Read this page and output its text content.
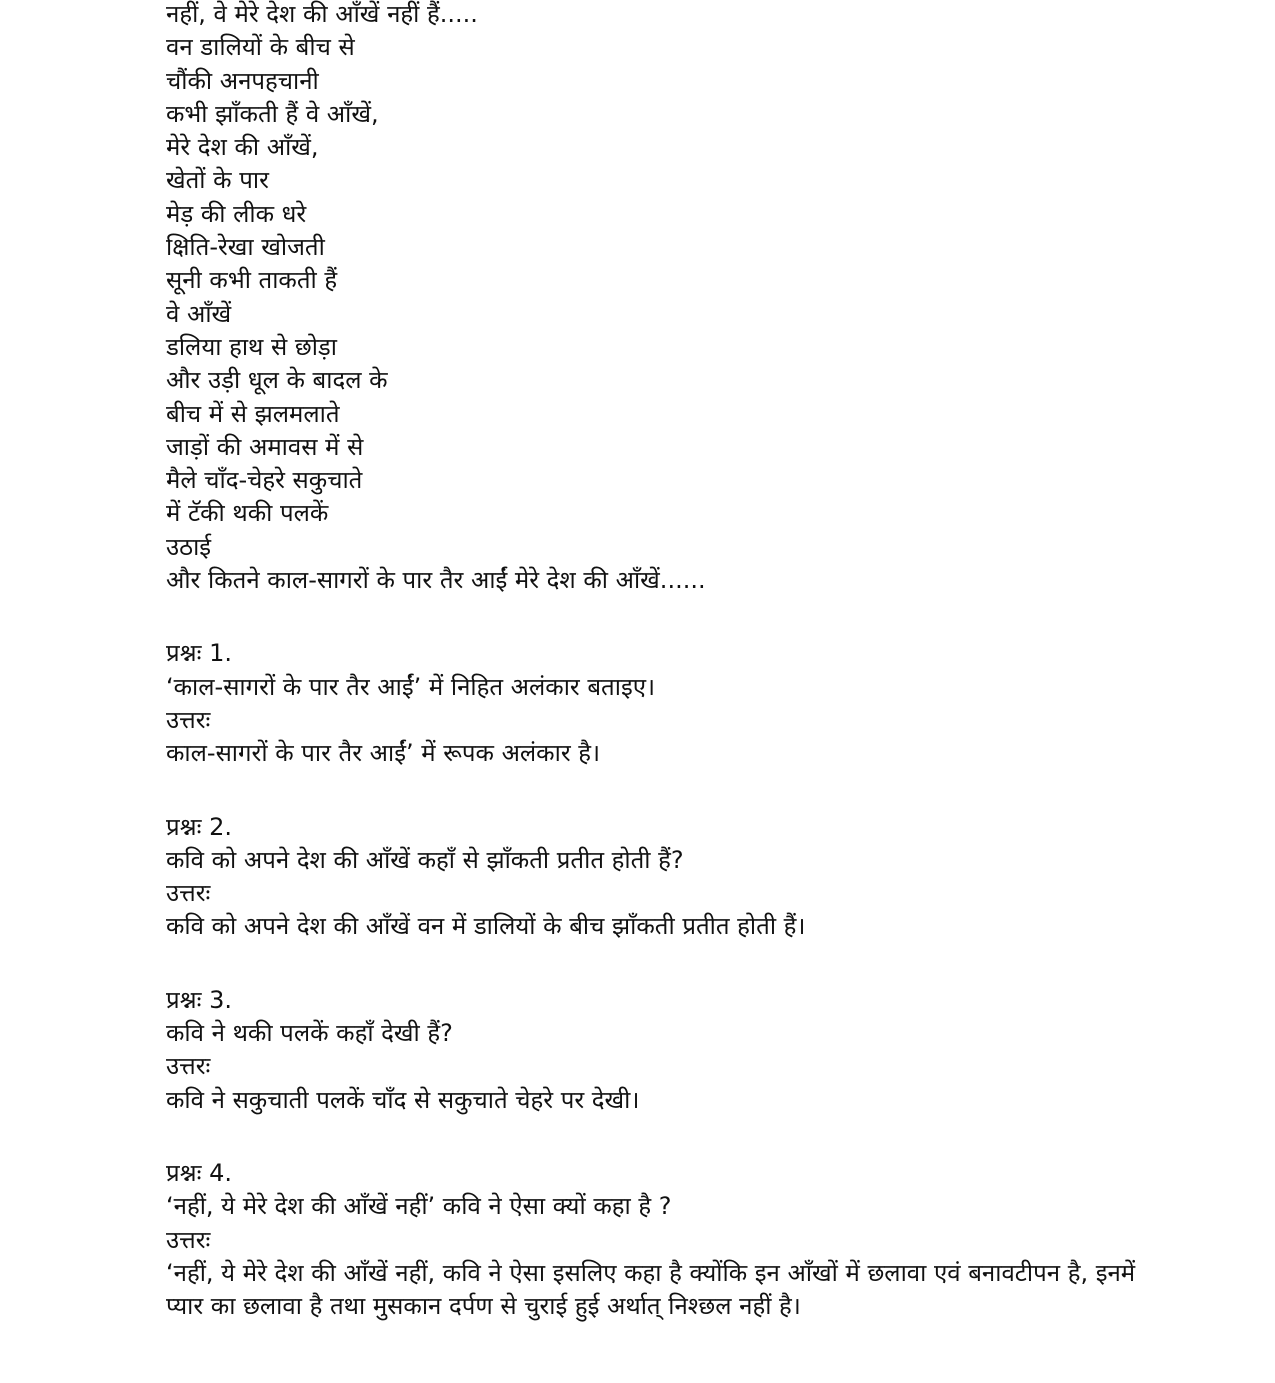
नहीं, वे मेरे देश की आँखें नहीं हैं.....
वन डालियों के बीच से
चौंकी अनपहचानी
कभी झाँकती हैं वे आँखें,
मेरे देश की आँखें,
खेतों के पार
मेड़ की लीक धरे
क्षिति-रेखा खोजती
सूनी कभी ताकती हैं
वे आँखें
डलिया हाथ से छोड़ा
और उड़ी धूल के बादल के
बीच में से झलमलाते
जाड़ों की अमावस में से
मैले चाँद-चेहरे सकुचाते
में टॅकी थकी पलकें
उठाई
और कितने काल-सागरों के पार तैर आईं मेरे देश की आँखें......
प्रश्नः 1.
‘काल-सागरों के पार तैर आईं’ में निहित अलंकार बताइए।
उत्तरः
काल-सागरों के पार तैर आईं’ में रूपक अलंकार है।
प्रश्नः 2.
कवि को अपने देश की आँखें कहाँ से झाँकती प्रतीत होती हैं?
उत्तरः
कवि को अपने देश की आँखें वन में डालियों के बीच झाँकती प्रतीत होती हैं।
प्रश्नः 3.
कवि ने थकी पलकें कहाँ देखी हैं?
उत्तरः
कवि ने सकुचाती पलकें चाँद से सकुचाते चेहरे पर देखी।
प्रश्नः 4.
‘नहीं, ये मेरे देश की आँखें नहीं’ कवि ने ऐसा क्यों कहा है ?
उत्तरः
‘नहीं, ये मेरे देश की आँखें नहीं, कवि ने ऐसा इसलिए कहा है क्योंकि इन आँखों में छलावा एवं बनावटीपन है, इनमें प्यार का छलावा है तथा मुसकान दर्पण से चुराई हुई अर्थात् निश्छल नहीं है।
